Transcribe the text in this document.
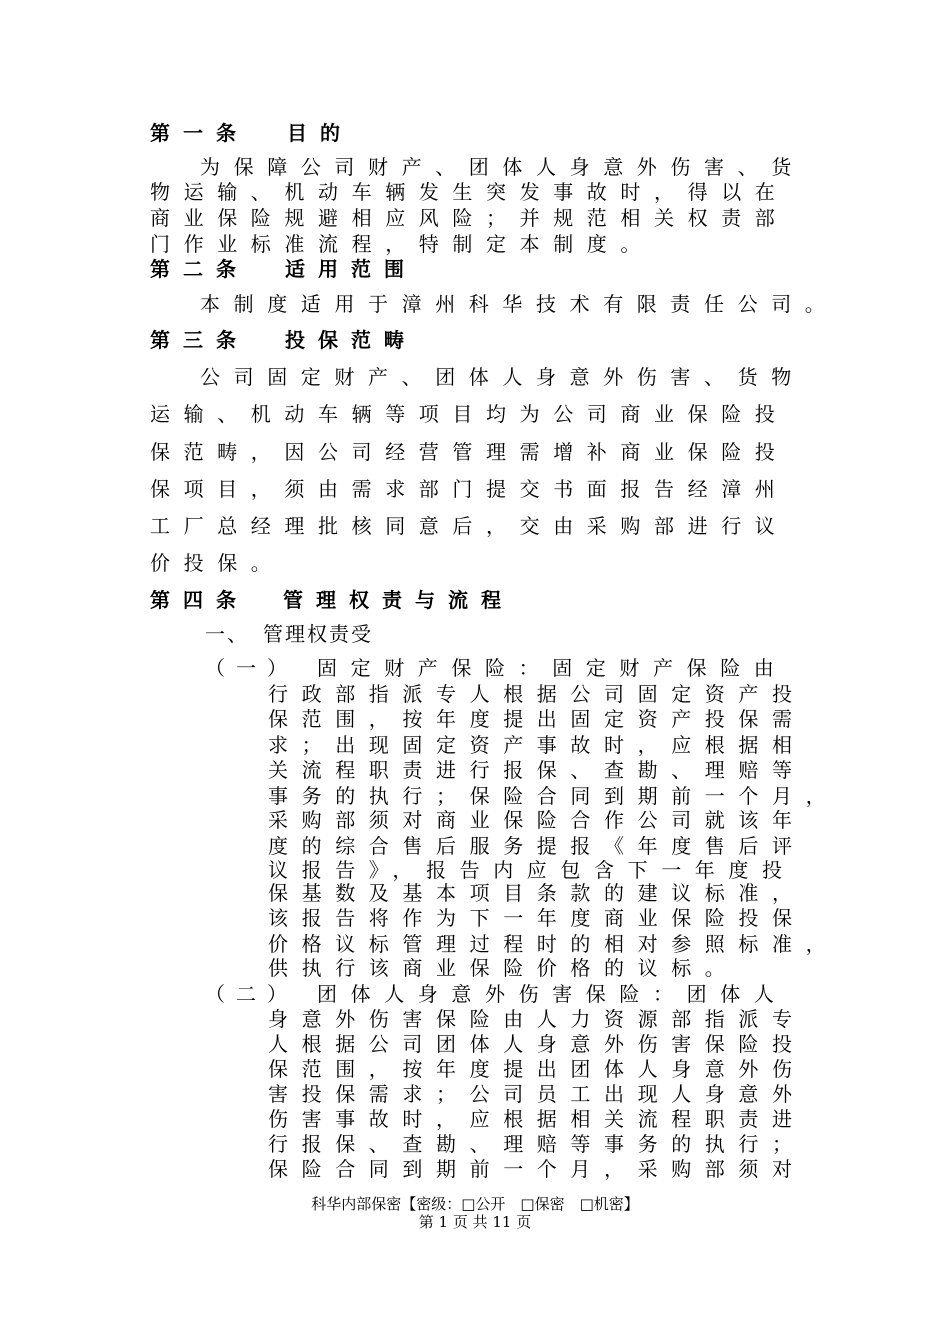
第一条 目的
为保障公司财产、团体人身意外伤害、货
物运输、机动车辆发生突发事故时，得以在
商业保险规避相应风险；并规范相关权责部
门作业标准流程，特制定本制度。
第二条 适用范围
本制度适用于漳州科华技术有限责任公司。
第三条 投保范畴
公司固定财产、团体人身意外伤害、货物
运输、机动车辆等项目均为公司商业保险投
保范畴，因公司经营管理需增补商业保险投
保项目，须由需求部门提交书面报告经漳州
工厂总经理批核同意后，交由采购部进行议
价投保。
第四条 管理权责与流程
一、 管理权责受
（一） 固定财产保险：固定财产保险由
行政部指派专人根据公司固定资产投
保范围，按年度提出固定资产投保需
求；出现固定资产事故时，应根据相
关流程职责进行报保、查勘、理赔等
事务的执行；保险合同到期前一个月，
采购部须对商业保险合作公司就该年
度的综合售后服务提报《年度售后评
议报告》，报告内应包含下一年度投
保基数及基本项目条款的建议标准，
该报告将作为下一年度商业保险投保
价格议标管理过程时的相对参照标准，
供执行该商业保险价格的议标。
（二） 团体人身意外伤害保险：团体人
身意外伤害保险由人力资源部指派专
人根据公司团体人身意外伤害保险投
保范围，按年度提出团体人身意外伤
害投保需求；公司员工出现人身意外
伤害事故时，应根据相关流程职责进
行报保、查勘、理赔等事务的执行；
保险合同到期前一个月，采购部须对
科华内部保密【密级：□公开　□保密　□机密】
第 1 页 共 11 页
